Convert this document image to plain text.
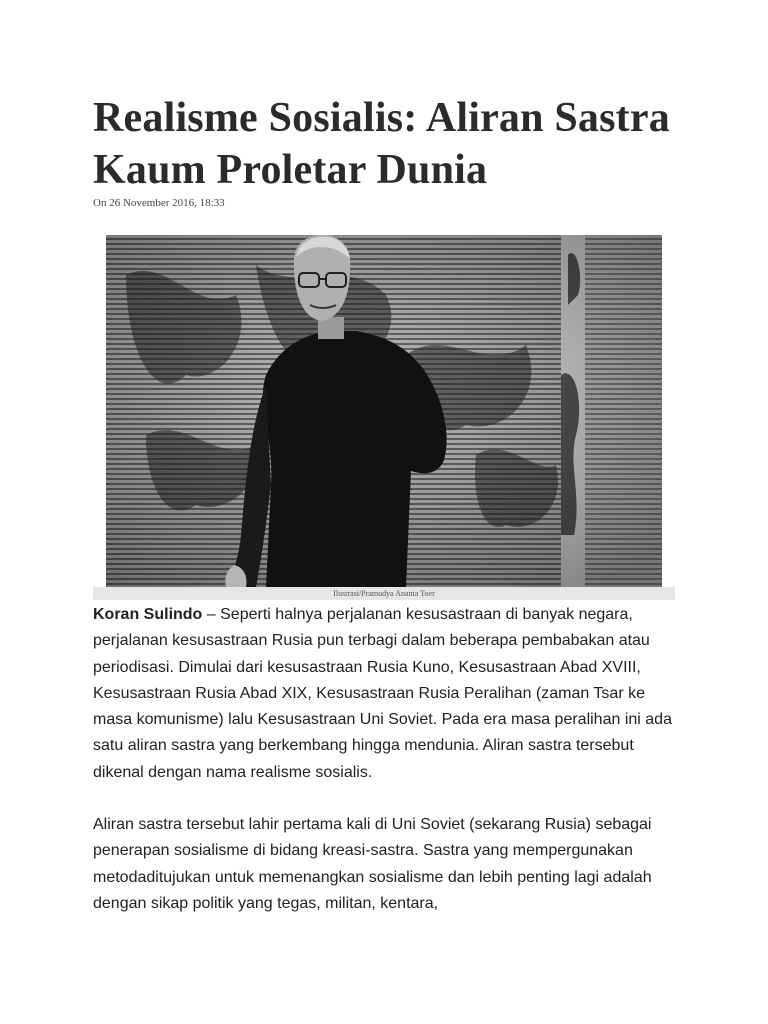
Realisme Sosialis: Aliran Sastra Kaum Proletar Dunia
On 26 November 2016, 18:33
Ilustrasi/Pramudya Ananta Toer

Koran Sulindo – Seperti halnya perjalanan kesusastraan di banyak negara, perjalanan kesusastraan Rusia pun terbagi dalam beberapa pembabakan atau periodisasi. Dimulai dari kesusastraan Rusia Kuno, Kesusastraan Abad XVIII, Kesusastraan Rusia Abad XIX, Kesusastraan Rusia Peralihan (zaman Tsar ke masa komunisme) lalu Kesusastraan Uni Soviet. Pada era masa peralihan ini ada satu aliran sastra yang berkembang hingga mendunia. Aliran sastra tersebut dikenal dengan nama realisme sosialis.

Aliran sastra tersebut lahir pertama kali di Uni Soviet (sekarang Rusia) sebagai penerapan sosialisme di bidang kreasi-sastra. Sastra yang mempergunakan metodaditujukan untuk memenangkan sosialisme dan lebih penting lagi adalah dengan sikap politik yang tegas, militan, kentara,
